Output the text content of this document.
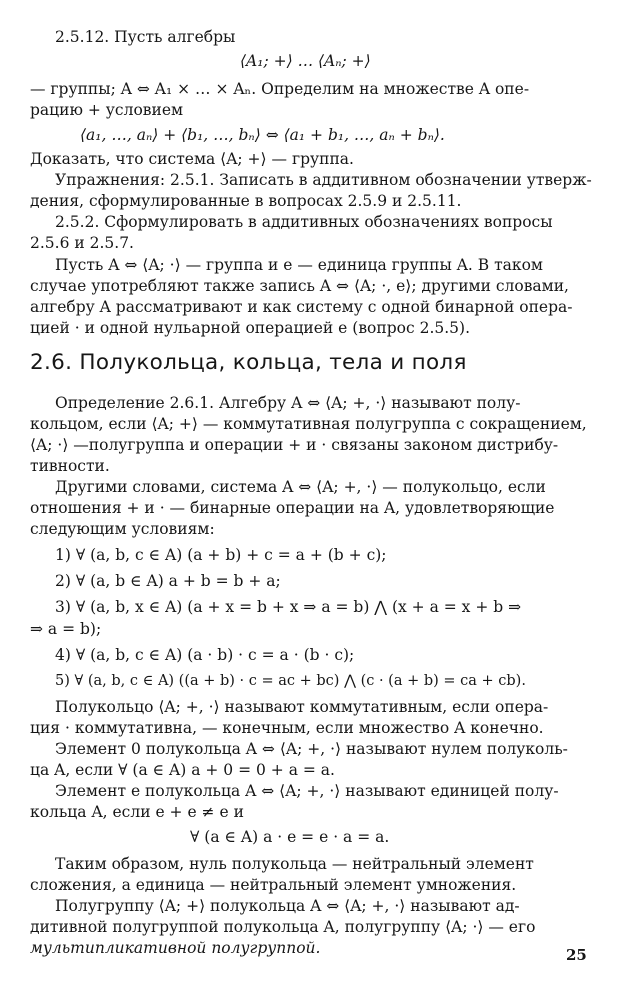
2.5.12. Пусть алгебры
⟨A₁; +⟩ … ⟨Aₙ; +⟩
— группы; A ⇔ A₁ × … × Aₙ. Определим на множестве A опе-
рацию + условием
⟨a₁, …, aₙ⟩ + ⟨b₁, …, bₙ⟩ ⇔ ⟨a₁ + b₁, …, aₙ + bₙ⟩.
Доказать, что система ⟨A; +⟩ — группа.
Упражнения: 2.5.1. Записать в аддитивном обозначении утверж-
дения, сформулированные в вопросах 2.5.9 и 2.5.11.
2.5.2. Сформулировать в аддитивных обозначениях вопросы
2.5.6 и 2.5.7.
Пусть A ⇔ ⟨A; ·⟩ — группа и e — единица группы A. В таком
случае употребляют также запись A ⇔ ⟨A; ·, e⟩; другими словами,
алгебру A рассматривают и как систему с одной бинарной опера-
цией · и одной нульарной операцией e (вопрос 2.5.5).
2.6. Полукольца, кольца, тела и поля
Определение 2.6.1. Алгебру A ⇔ ⟨A; +, ·⟩ называют полу-
кольцом, если ⟨A; +⟩ — коммутативная полугруппа с сокращением,
⟨A; ·⟩ —полугруппа и операции + и · связаны законом дистрибу-
тивности.
Другими словами, система A ⇔ ⟨A; +, ·⟩ — полукольцо, если
отношения + и · — бинарные операции на A, удовлетворяющие
следующим условиям:
1) ∀ (a, b, c ∈ A) (a + b) + c = a + (b + c);
2) ∀ (a, b ∈ A) a + b = b + a;
3) ∀ (a, b, x ∈ A) (a + x = b + x ⇒ a = b) ⋀ (x + a = x + b ⇒
⇒ a = b);
4) ∀ (a, b, c ∈ A) (a · b) · c = a · (b · c);
5) ∀ (a, b, c ∈ A) ((a + b) · c = ac + bc) ⋀ (c · (a + b) = ca + cb).
Полукольцо ⟨A; +, ·⟩ называют коммутативным, если опера-
ция · коммутативна, — конечным, если множество A конечно.
Элемент 0 полукольца A ⇔ ⟨A; +, ·⟩ называют нулем полуколь-
ца A, если ∀ (a ∈ A) a + 0 = 0 + a = a.
Элемент e полукольца A ⇔ ⟨A; +, ·⟩ называют единицей полу-
кольца A, если e + e ≠ e и
∀ (a ∈ A) a · e = e · a = a.
Таким образом, нуль полукольца — нейтральный элемент
сложения, а единица — нейтральный элемент умножения.
Полугруппу ⟨A; +⟩ полукольца A ⇔ ⟨A; +, ·⟩ называют ад-
дитивной полугруппой полукольца A, полугруппу ⟨A; ·⟩ — его
мультипликативной полугруппой.	25
